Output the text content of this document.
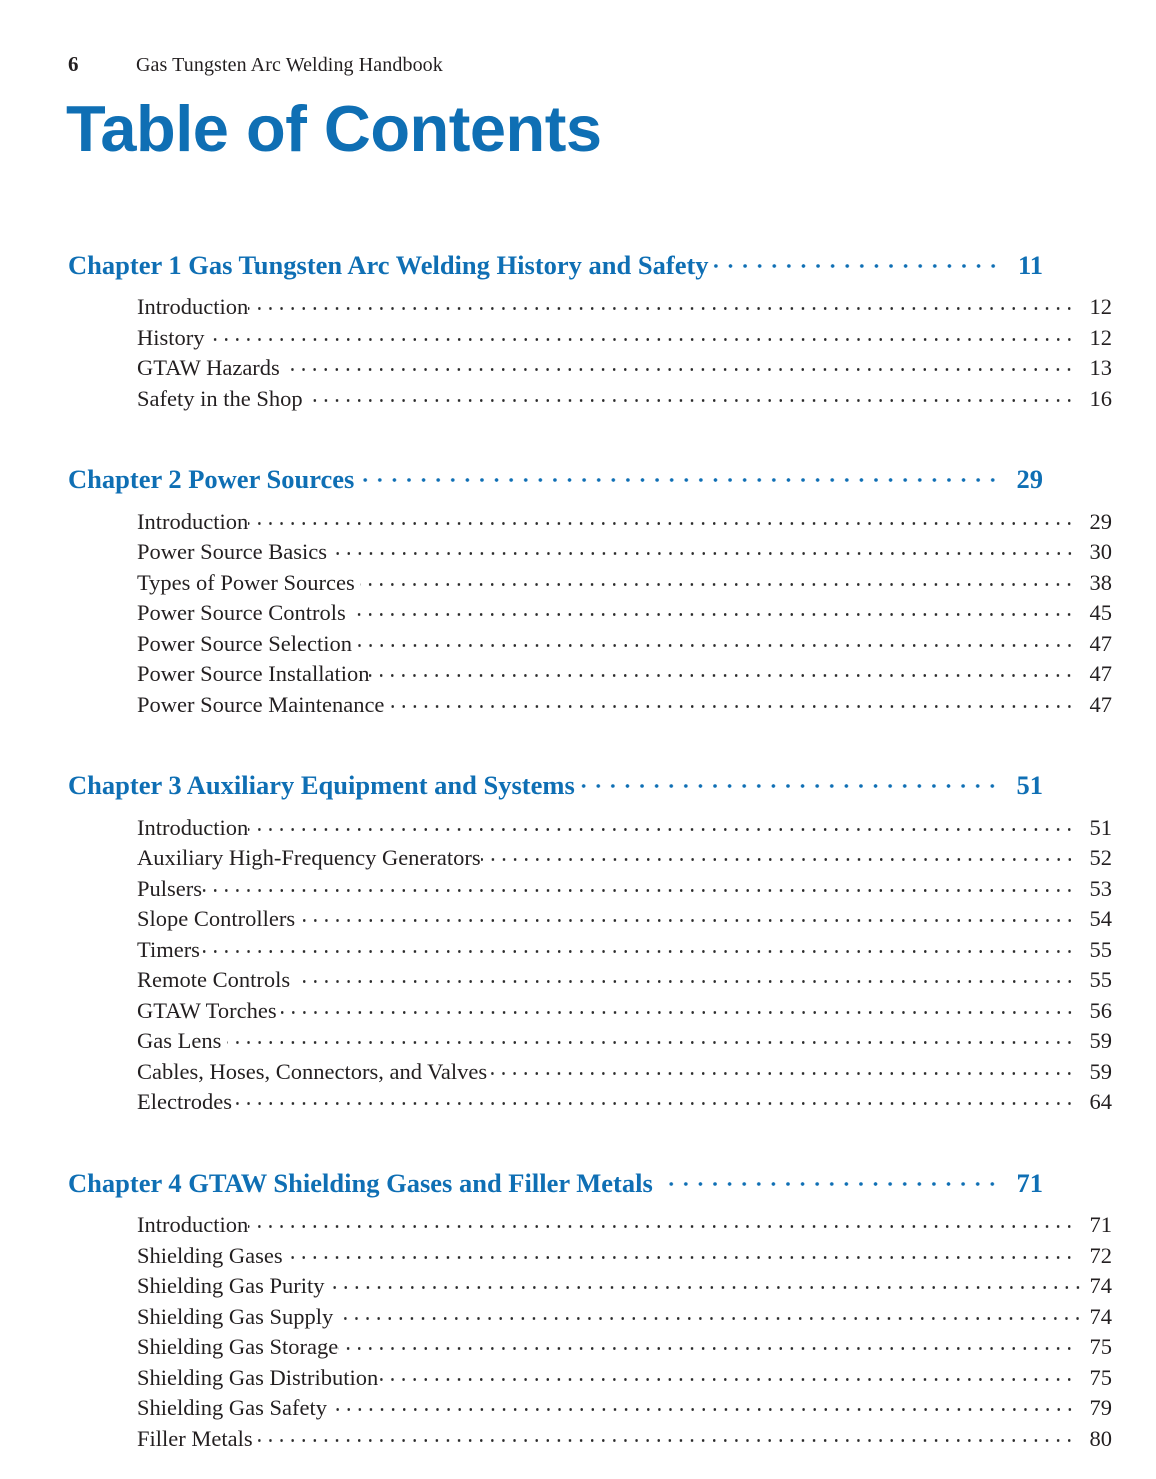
6	Gas Tungsten Arc Welding Handbook
Table of Contents
Chapter 1 Gas Tungsten Arc Welding History and Safety	11
Introduction	12
History	12
GTAW Hazards	13
Safety in the Shop	16
Chapter 2 Power Sources	29
Introduction	29
Power Source Basics	30
Types of Power Sources	38
Power Source Controls	45
Power Source Selection	47
Power Source Installation	47
Power Source Maintenance	47
Chapter 3 Auxiliary Equipment and Systems	51
Introduction	51
Auxiliary High-Frequency Generators	52
Pulsers	53
Slope Controllers	54
Timers	55
Remote Controls	55
GTAW Torches	56
Gas Lens	59
Cables, Hoses, Connectors, and Valves	59
Electrodes	64
Chapter 4 GTAW Shielding Gases and Filler Metals	71
Introduction	71
Shielding Gases	72
Shielding Gas Purity	74
Shielding Gas Supply	74
Shielding Gas Storage	75
Shielding Gas Distribution	75
Shielding Gas Safety	79
Filler Metals	80
